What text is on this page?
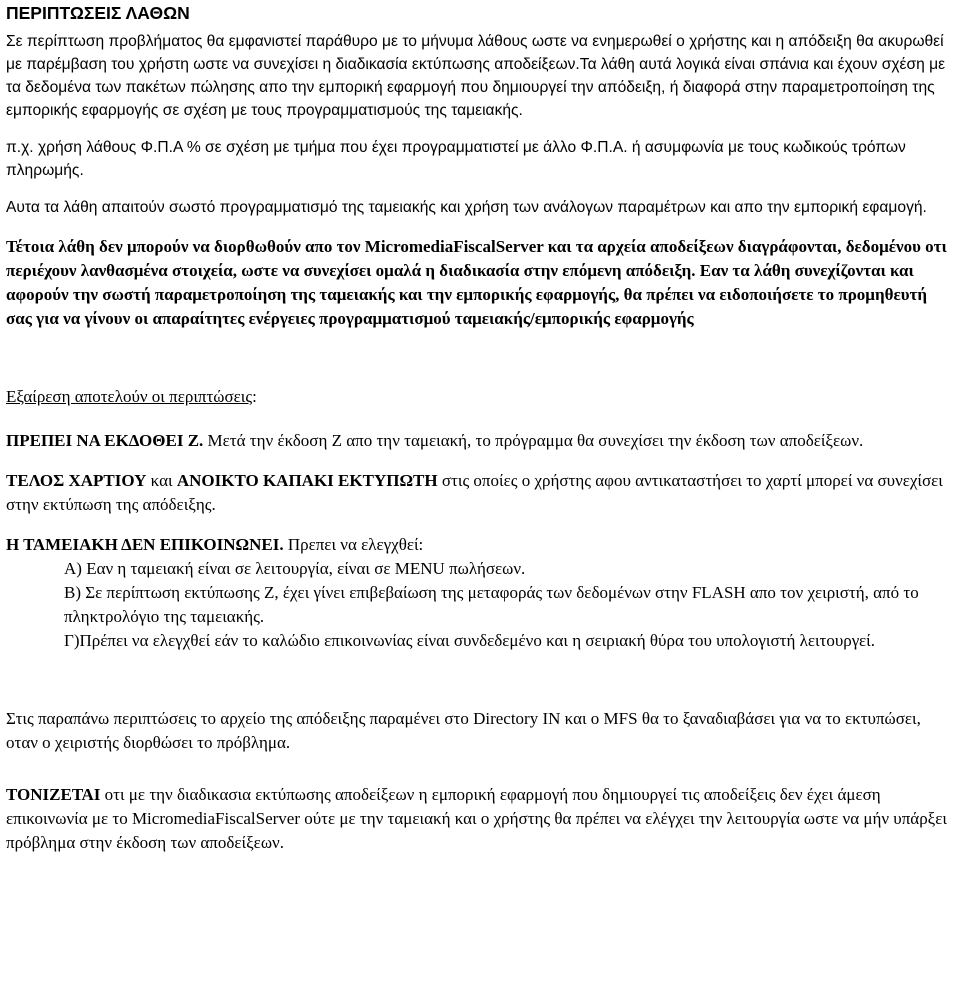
ΠΕΡΙΠΤΩΣΕΙΣ ΛΑΘΩΝ

Σε περίπτωση προβλήματος θα εμφανιστεί παράθυρο με το μήνυμα λάθους ωστε να ενημερωθεί ο χρήστης και η απόδειξη θα ακυρωθεί με παρέμβαση του χρήστη ωστε να συνεχίσει η διαδικασία εκτύπωσης αποδείξεων.Τα λάθη αυτά λογικά είναι σπάνια και έχουν σχέση με τα δεδομένα των πακέτων πώλησης απο την εμπορική εφαρμογή που δημιουργεί την απόδειξη, ή διαφορά στην παραμετροποίηση της εμπορικής εφαρμογής σε σχέση με τους προγραμματισμούς της ταμειακής.

π.χ. χρήση λάθους Φ.Π.Α % σε σχέση με τμήμα που έχει προγραμματιστεί με άλλο Φ.Π.Α. ή ασυμφωνία με τους κωδικούς τρόπων πληρωμής.

Αυτα τα λάθη απαιτούν σωστό προγραμματισμό της ταμειακής και χρήση των ανάλογων παραμέτρων και απο την εμπορική εφαμογή.

Τέτοια λάθη δεν μπορούν να διορθωθούν απο τον MicromediaFiscalServer και τα αρχεία αποδείξεων διαγράφονται, δεδομένου οτι περιέχουν λανθασμένα στοιχεία, ωστε να συνεχίσει ομαλά η διαδικασία στην επόμενη απόδειξη. Εαν τα λάθη συνεχίζονται και αφορούν την σωστή παραμετροποίηση της ταμειακής και την εμπορικής εφαρμογής, θα πρέπει να ειδοποιήσετε το προμηθευτή σας για να γίνουν οι απαραίτητες ενέργειες προγραμματισμού ταμειακής/εμπορικής εφαρμογής

Εξαίρεση αποτελούν οι περιπτώσεις:

ΠΡΕΠΕΙ ΝΑ ΕΚΔΟΘΕΙ Ζ. Μετά την έκδοση Ζ απο την ταμειακή, το πρόγραμμα θα συνεχίσει την έκδοση των αποδείξεων.

ΤΕΛΟΣ ΧΑΡΤΙΟΥ και ΑΝΟΙΚΤΟ ΚΑΠΑΚΙ ΕΚΤΥΠΩΤΗ στις οποίες ο χρήστης αφου αντικαταστήσει το χαρτί μπορεί να συνεχίσει στην εκτύπωση της απόδειξης.

Η ΤΑΜΕΙΑΚΗ ΔΕΝ ΕΠΙΚΟΙΝΩΝΕΙ. Πρεπει να ελεγχθεί:

Α) Εαν η ταμειακή είναι σε λειτουργία, είναι σε MENU πωλήσεων.

Β) Σε περίπτωση εκτύπωσης Ζ, έχει γίνει επιβεβαίωση της μεταφοράς των δεδομένων στην FLASH απο τον χειριστή, από το πληκτρολόγιο της ταμειακής.

Γ)Πρέπει να ελεγχθεί εάν το καλώδιο επικοινωνίας είναι συνδεδεμένο και η σειριακή θύρα του υπολογιστή λειτουργεί.

Στις παραπάνω περιπτώσεις το αρχείο της απόδειξης παραμένει στο Directory IN και ο MFS θα το ξαναδιαβάσει για να το εκτυπώσει, οταν ο χειριστής διορθώσει το πρόβλημα.

ΤΟΝΙΖΕΤΑΙ οτι με την διαδικασια εκτύπωσης αποδείξεων η εμπορική εφαρμογή που δημιουργεί τις αποδείξεις δεν έχει άμεση επικοινωνία με το MicromediaFiscalServer ούτε με την ταμειακή και ο χρήστης θα πρέπει να ελέγχει την λειτουργία ωστε να μήν υπάρξει πρόβλημα στην έκδοση των αποδείξεων.
